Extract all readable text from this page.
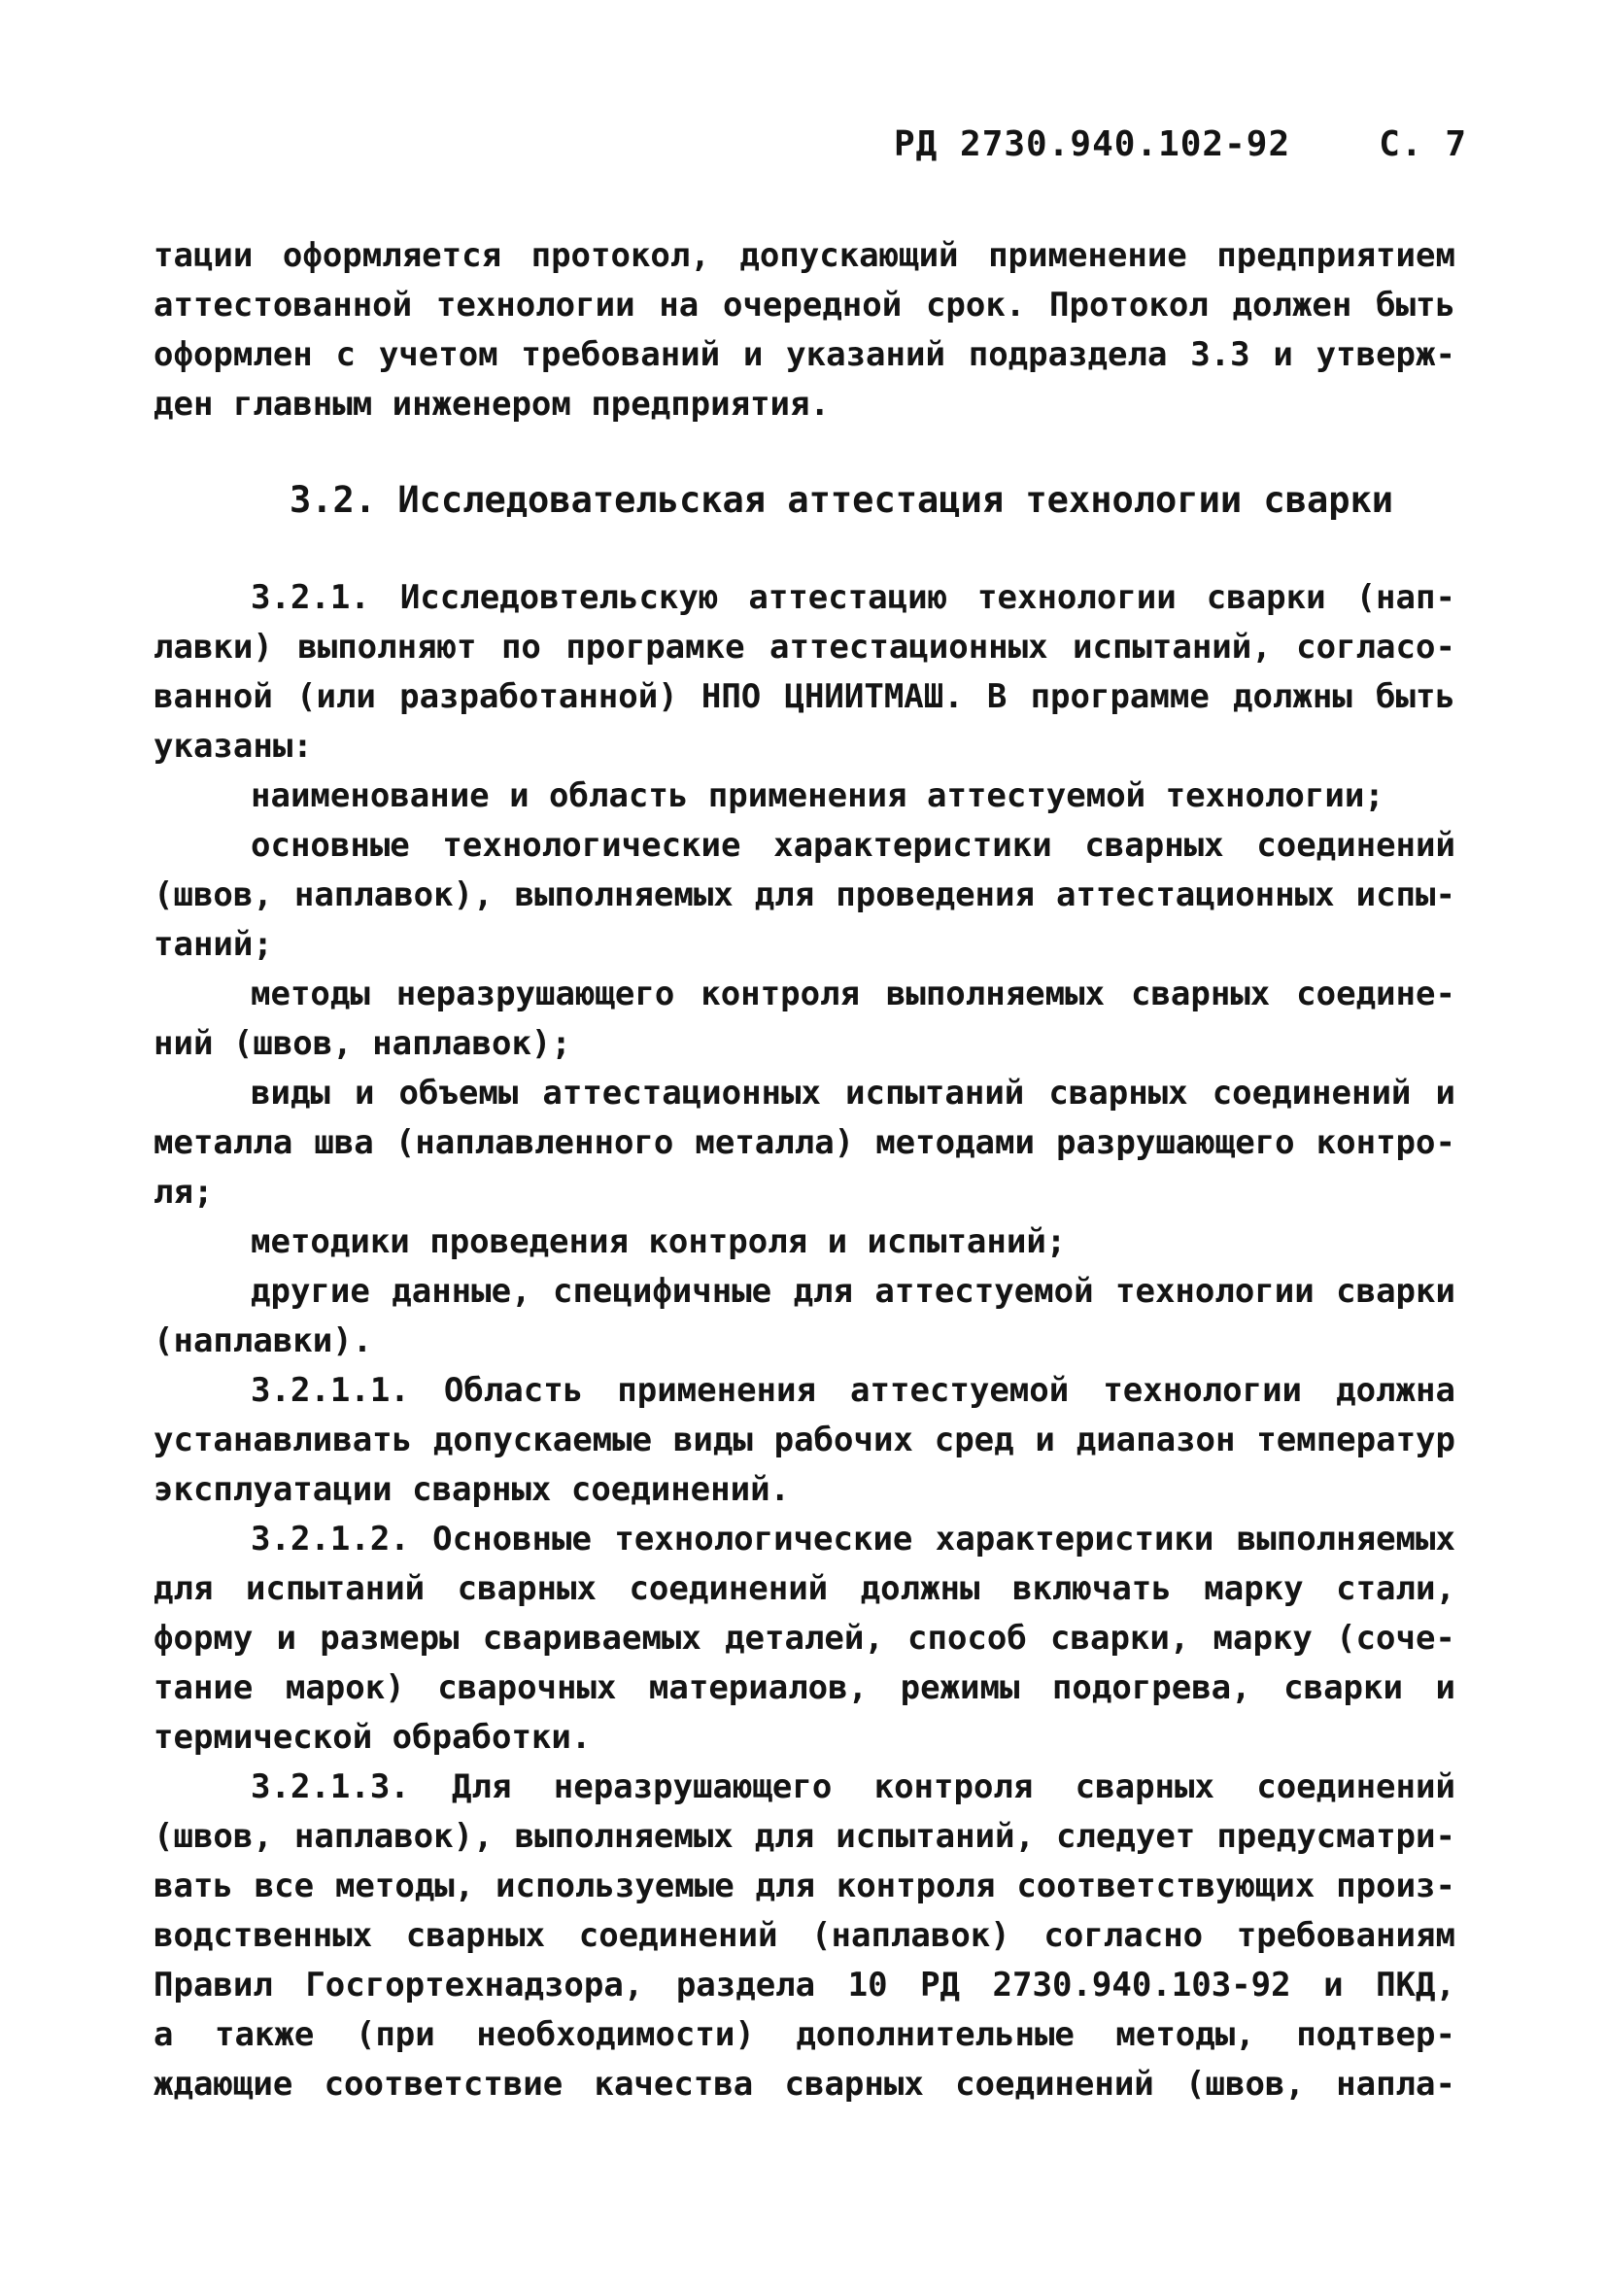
РД 2730.940.102-92	С. 7
тации оформляется протокол, допускающий применение предприятием
аттестованной технологии на очередной срок. Протокол должен быть
оформлен с учетом требований и указаний подраздела 3.3 и утверж-
ден главным инженером предприятия.
3.2. Исследовательская аттестация технологии сварки
3.2.1. Исследовтельскую аттестацию технологии сварки (нап-
лавки) выполняют по програмке аттестационных испытаний, согласо-
ванной (или разработанной) НПО ЦНИИТМАШ. В программе должны быть
указаны:
наименование и область применения аттестуемой технологии;
основные технологические характеристики сварных соединений
(швов, наплавок), выполняемых для проведения аттестационных испы-
таний;
методы неразрушающего контроля выполняемых сварных соедине-
ний (швов, наплавок);
виды и объемы аттестационных испытаний сварных соединений и
металла шва (наплавленного металла) методами разрушающего контро-
ля;
методики проведения контроля и испытаний;
другие данные, специфичные для аттестуемой технологии сварки
(наплавки).
3.2.1.1. Область применения аттестуемой технологии должна
устанавливать допускаемые виды рабочих сред и диапазон температур
эксплуатации сварных соединений.
3.2.1.2. Основные технологические характеристики выполняемых
для испытаний сварных соединений должны включать марку стали,
форму и размеры свариваемых деталей, способ сварки, марку (соче-
тание марок) сварочных материалов, режимы подогрева, сварки и
термической обработки.
3.2.1.3. Для неразрушающего контроля сварных соединений
(швов, наплавок), выполняемых для испытаний, следует предусматри-
вать все методы, используемые для контроля соответствующих произ-
водственных сварных соединений (наплавок) согласно требованиям
Правил Госгортехнадзора, раздела 10 РД 2730.940.103-92 и ПКД,
а также (при необходимости) дополнительные методы, подтвер-
ждающие соответствие качества сварных соединений (швов, напла-
